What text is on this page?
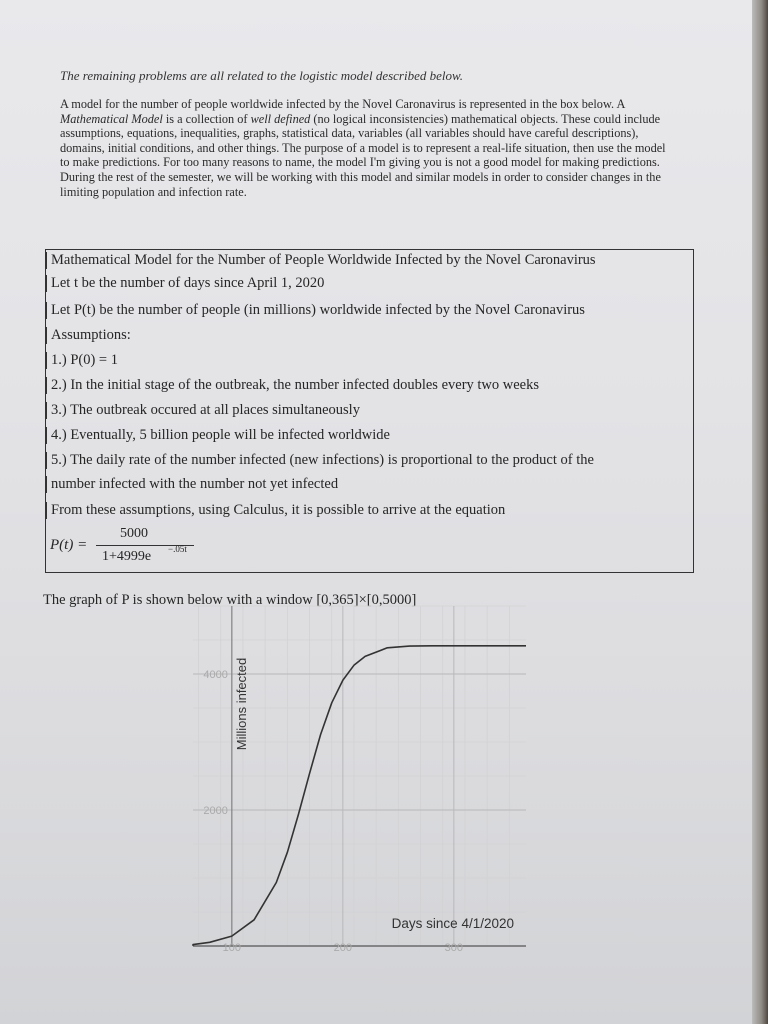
The remaining problems are all related to the logistic model described below.
A model for the number of people worldwide infected by the Novel Caronavirus is represented in the box below. A Mathematical Model is a collection of well defined (no logical inconsistencies) mathematical objects. These could include assumptions, equations, inequalities, graphs, statistical data, variables (all variables should have careful descriptions), domains, initial conditions, and other things. The purpose of a model is to represent a real-life situation, then use the model to make predictions. For too many reasons to name, the model I'm giving you is not a good model for making predictions. During the rest of the semester, we will be working with this model and similar models in order to consider changes in the limiting population and infection rate.
Mathematical Model for the Number of People Worldwide Infected by the Novel Caronavirus
Let t be the number of days since April 1, 2020
Let P(t) be the number of people (in millions) worldwide infected by the Novel Caronavirus
Assumptions:
1.) P(0) = 1
2.) In the initial stage of the outbreak, the number infected doubles every two weeks
3.) The outbreak occured at all places simultaneously
4.) Eventually, 5 billion people will be infected worldwide
5.) The daily rate of the number infected (new infections) is proportional to the product of the
number infected with the number not yet infected
From these assumptions, using Calculus, it is possible to arrive at the equation
P(t) =
5000
1+4999e −.05t
The graph of P is shown below with a window [0,365]×[0,5000]
100	200	300
2000
4000 Millions infected
Days since 4/1/2020
